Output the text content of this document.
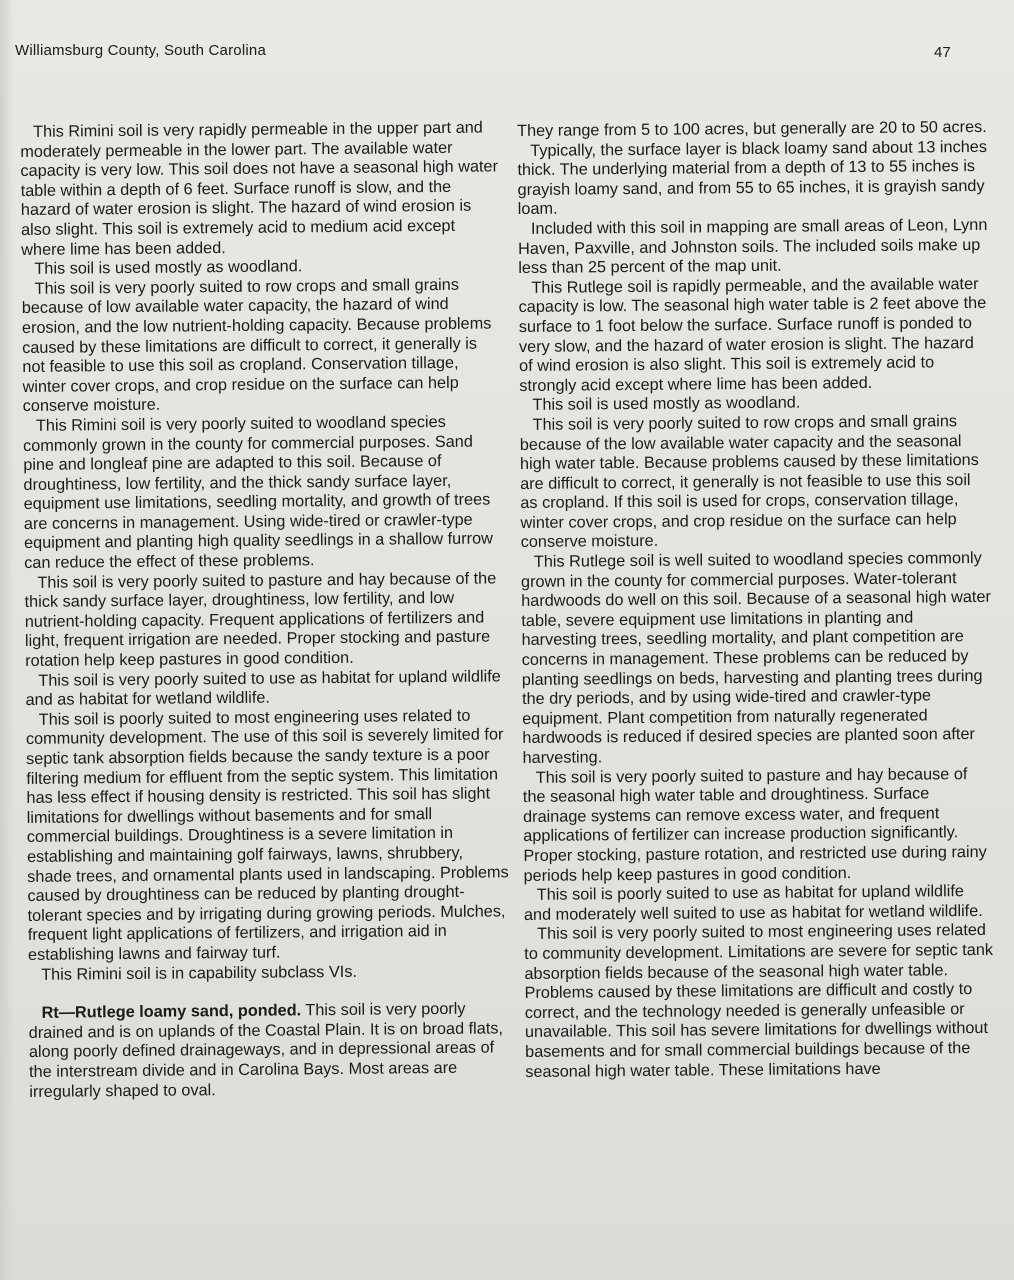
Williamsburg County, South Carolina	47

This Rimini soil is very rapidly permeable in the upper part and moderately permeable in the lower part. The available water capacity is very low. This soil does not have a seasonal high water table within a depth of 6 feet. Surface runoff is slow, and the hazard of water erosion is slight. The hazard of wind erosion is also slight. This soil is extremely acid to medium acid except where lime has been added.

This soil is used mostly as woodland.

This soil is very poorly suited to row crops and small grains because of low available water capacity, the hazard of wind erosion, and the low nutrient-holding capacity. Because problems caused by these limitations are difficult to correct, it generally is not feasible to use this soil as cropland. Conservation tillage, winter cover crops, and crop residue on the surface can help conserve moisture.

This Rimini soil is very poorly suited to woodland species commonly grown in the county for commercial purposes. Sand pine and longleaf pine are adapted to this soil. Because of droughtiness, low fertility, and the thick sandy surface layer, equipment use limitations, seedling mortality, and growth of trees are concerns in management. Using wide-tired or crawler-type equipment and planting high quality seedlings in a shallow furrow can reduce the effect of these problems.

This soil is very poorly suited to pasture and hay because of the thick sandy surface layer, droughtiness, low fertility, and low nutrient-holding capacity. Frequent applications of fertilizers and light, frequent irrigation are needed. Proper stocking and pasture rotation help keep pastures in good condition.

This soil is very poorly suited to use as habitat for upland wildlife and as habitat for wetland wildlife.

This soil is poorly suited to most engineering uses related to community development. The use of this soil is severely limited for septic tank absorption fields because the sandy texture is a poor filtering medium for effluent from the septic system. This limitation has less effect if housing density is restricted. This soil has slight limitations for dwellings without basements and for small commercial buildings. Droughtiness is a severe limitation in establishing and maintaining golf fairways, lawns, shrubbery, shade trees, and ornamental plants used in landscaping. Problems caused by droughtiness can be reduced by planting drought-tolerant species and by irrigating during growing periods. Mulches, frequent light applications of fertilizers, and irrigation aid in establishing lawns and fairway turf.

This Rimini soil is in capability subclass VIs.

Rt—Rutlege loamy sand, ponded. This soil is very poorly drained and is on uplands of the Coastal Plain. It is on broad flats, along poorly defined drainageways, and in depressional areas of the interstream divide and in Carolina Bays. Most areas are irregularly shaped to oval.

They range from 5 to 100 acres, but generally are 20 to 50 acres.

Typically, the surface layer is black loamy sand about 13 inches thick. The underlying material from a depth of 13 to 55 inches is grayish loamy sand, and from 55 to 65 inches, it is grayish sandy loam.

Included with this soil in mapping are small areas of Leon, Lynn Haven, Paxville, and Johnston soils. The included soils make up less than 25 percent of the map unit.

This Rutlege soil is rapidly permeable, and the available water capacity is low. The seasonal high water table is 2 feet above the surface to 1 foot below the surface. Surface runoff is ponded to very slow, and the hazard of water erosion is slight. The hazard of wind erosion is also slight. This soil is extremely acid to strongly acid except where lime has been added.

This soil is used mostly as woodland.

This soil is very poorly suited to row crops and small grains because of the low available water capacity and the seasonal high water table. Because problems caused by these limitations are difficult to correct, it generally is not feasible to use this soil as cropland. If this soil is used for crops, conservation tillage, winter cover crops, and crop residue on the surface can help conserve moisture.

This Rutlege soil is well suited to woodland species commonly grown in the county for commercial purposes. Water-tolerant hardwoods do well on this soil. Because of a seasonal high water table, severe equipment use limitations in planting and harvesting trees, seedling mortality, and plant competition are concerns in management. These problems can be reduced by planting seedlings on beds, harvesting and planting trees during the dry periods, and by using wide-tired and crawler-type equipment. Plant competition from naturally regenerated hardwoods is reduced if desired species are planted soon after harvesting.

This soil is very poorly suited to pasture and hay because of the seasonal high water table and droughtiness. Surface drainage systems can remove excess water, and frequent applications of fertilizer can increase production significantly. Proper stocking, pasture rotation, and restricted use during rainy periods help keep pastures in good condition.

This soil is poorly suited to use as habitat for upland wildlife and moderately well suited to use as habitat for wetland wildlife.

This soil is very poorly suited to most engineering uses related to community development. Limitations are severe for septic tank absorption fields because of the seasonal high water table. Problems caused by these limitations are difficult and costly to correct, and the technology needed is generally unfeasible or unavailable. This soil has severe limitations for dwellings without basements and for small commercial buildings because of the seasonal high water table. These limitations have
